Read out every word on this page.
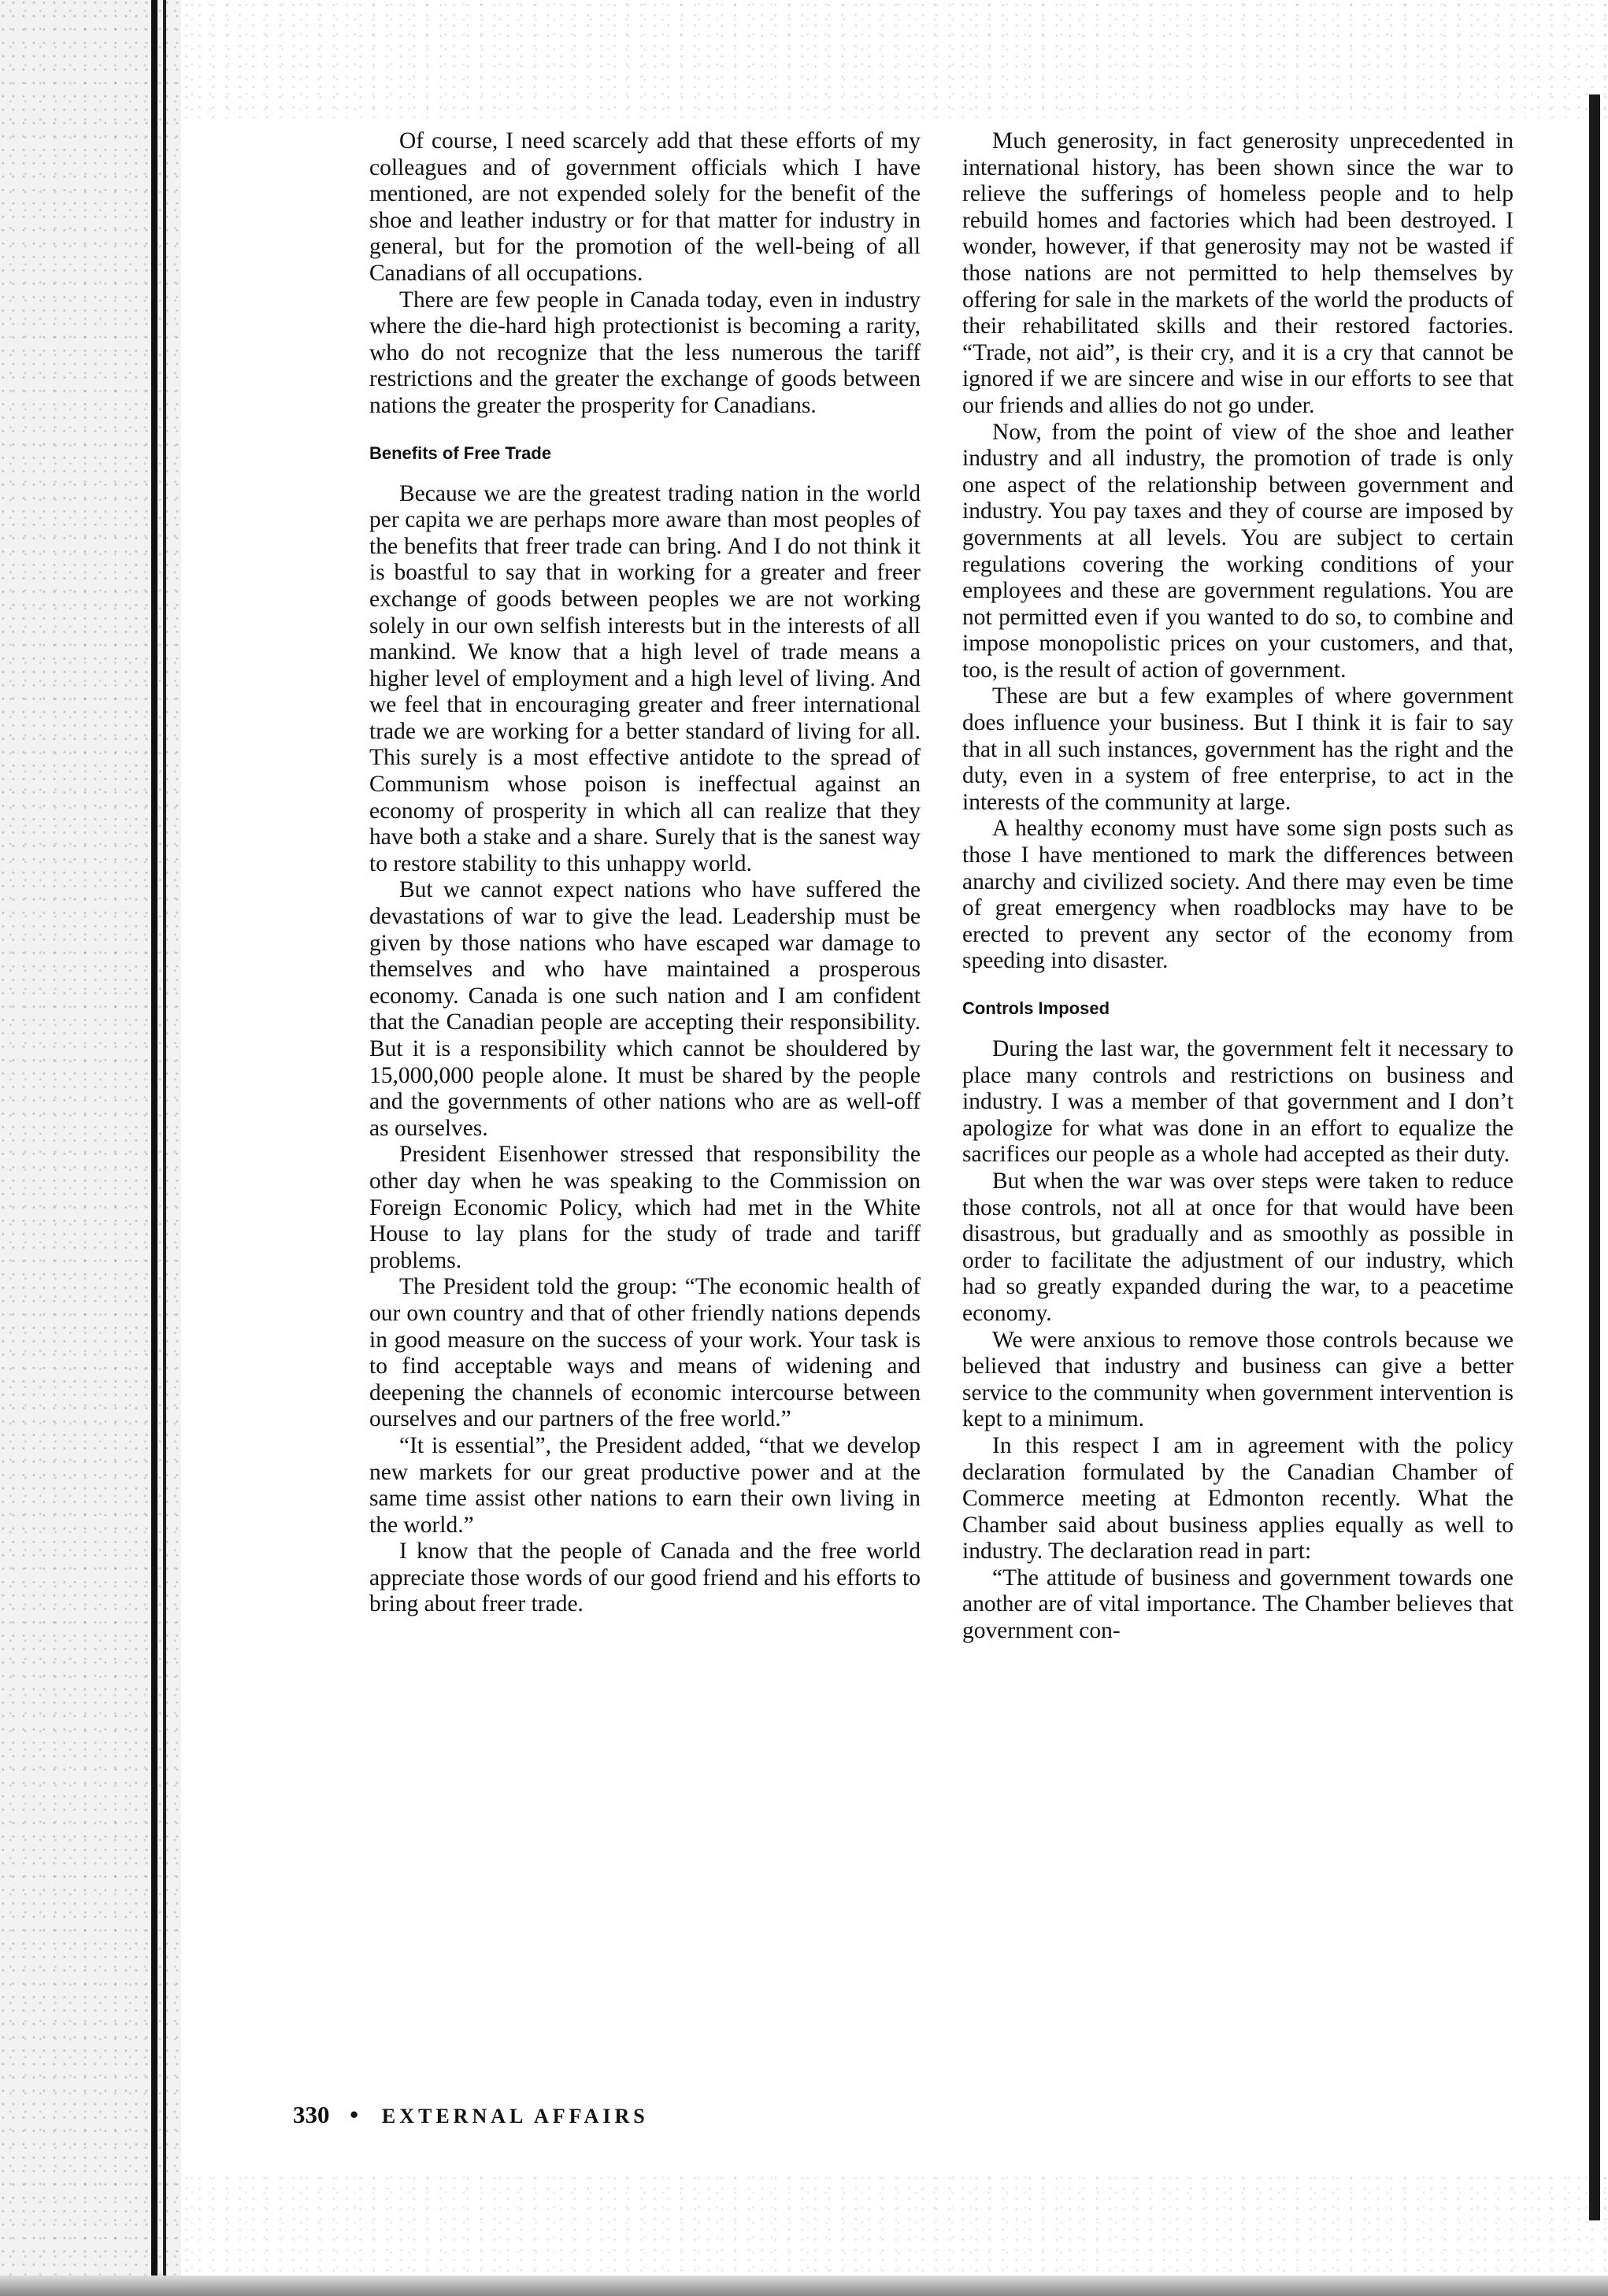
Of course, I need scarcely add that these efforts of my colleagues and of government officials which I have mentioned, are not expended solely for the benefit of the shoe and leather industry or for that matter for industry in general, but for the promotion of the well-being of all Canadians of all occupations.

There are few people in Canada today, even in industry where the die-hard high protectionist is becoming a rarity, who do not recognize that the less numerous the tariff restrictions and the greater the exchange of goods between nations the greater the prosperity for Canadians.

Benefits of Free Trade

Because we are the greatest trading nation in the world per capita we are perhaps more aware than most peoples of the benefits that freer trade can bring. And I do not think it is boastful to say that in working for a greater and freer exchange of goods between peoples we are not working solely in our own selfish interests but in the interests of all mankind. We know that a high level of trade means a higher level of employment and a high level of living. And we feel that in encouraging greater and freer international trade we are working for a better standard of living for all. This surely is a most effective antidote to the spread of Communism whose poison is ineffectual against an economy of prosperity in which all can realize that they have both a stake and a share. Surely that is the sanest way to restore stability to this unhappy world.

But we cannot expect nations who have suffered the devastations of war to give the lead. Leadership must be given by those nations who have escaped war damage to themselves and who have maintained a prosperous economy. Canada is one such nation and I am confident that the Canadian people are accepting their responsibility. But it is a responsibility which cannot be shouldered by 15,000,000 people alone. It must be shared by the people and the governments of other nations who are as well-off as ourselves.

President Eisenhower stressed that responsibility the other day when he was speaking to the Commission on Foreign Economic Policy, which had met in the White House to lay plans for the study of trade and tariff problems.

The President told the group: “The economic health of our own country and that of other friendly nations depends in good measure on the success of your work. Your task is to find acceptable ways and means of widening and deepening the channels of economic intercourse between ourselves and our partners of the free world.”

“It is essential”, the President added, “that we develop new markets for our great productive power and at the same time assist other nations to earn their own living in the world.”

I know that the people of Canada and the free world appreciate those words of our good friend and his efforts to bring about freer trade.

Much generosity, in fact generosity unprecedented in international history, has been shown since the war to relieve the sufferings of homeless people and to help rebuild homes and factories which had been destroyed. I wonder, however, if that generosity may not be wasted if those nations are not permitted to help themselves by offering for sale in the markets of the world the products of their rehabilitated skills and their restored factories. “Trade, not aid”, is their cry, and it is a cry that cannot be ignored if we are sincere and wise in our efforts to see that our friends and allies do not go under.

Now, from the point of view of the shoe and leather industry and all industry, the promotion of trade is only one aspect of the relationship between government and industry. You pay taxes and they of course are imposed by governments at all levels. You are subject to certain regulations covering the working conditions of your employees and these are government regulations. You are not permitted even if you wanted to do so, to combine and impose monopolistic prices on your customers, and that, too, is the result of action of government.

These are but a few examples of where government does influence your business. But I think it is fair to say that in all such instances, government has the right and the duty, even in a system of free enterprise, to act in the interests of the community at large.

A healthy economy must have some sign posts such as those I have mentioned to mark the differences between anarchy and civilized society. And there may even be time of great emergency when roadblocks may have to be erected to prevent any sector of the economy from speeding into disaster.

Controls Imposed

During the last war, the government felt it necessary to place many controls and restrictions on business and industry. I was a member of that government and I don’t apologize for what was done in an effort to equalize the sacrifices our people as a whole had accepted as their duty.

But when the war was over steps were taken to reduce those controls, not all at once for that would have been disastrous, but gradually and as smoothly as possible in order to facilitate the adjustment of our industry, which had so greatly expanded during the war, to a peacetime economy.

We were anxious to remove those controls because we believed that industry and business can give a better service to the community when government intervention is kept to a minimum.

In this respect I am in agreement with the policy declaration formulated by the Canadian Chamber of Commerce meeting at Edmonton recently. What the Chamber said about business applies equally as well to industry. The declaration read in part:

“The attitude of business and government towards one another are of vital importance. The Chamber believes that government con-

330 • EXTERNAL AFFAIRS
